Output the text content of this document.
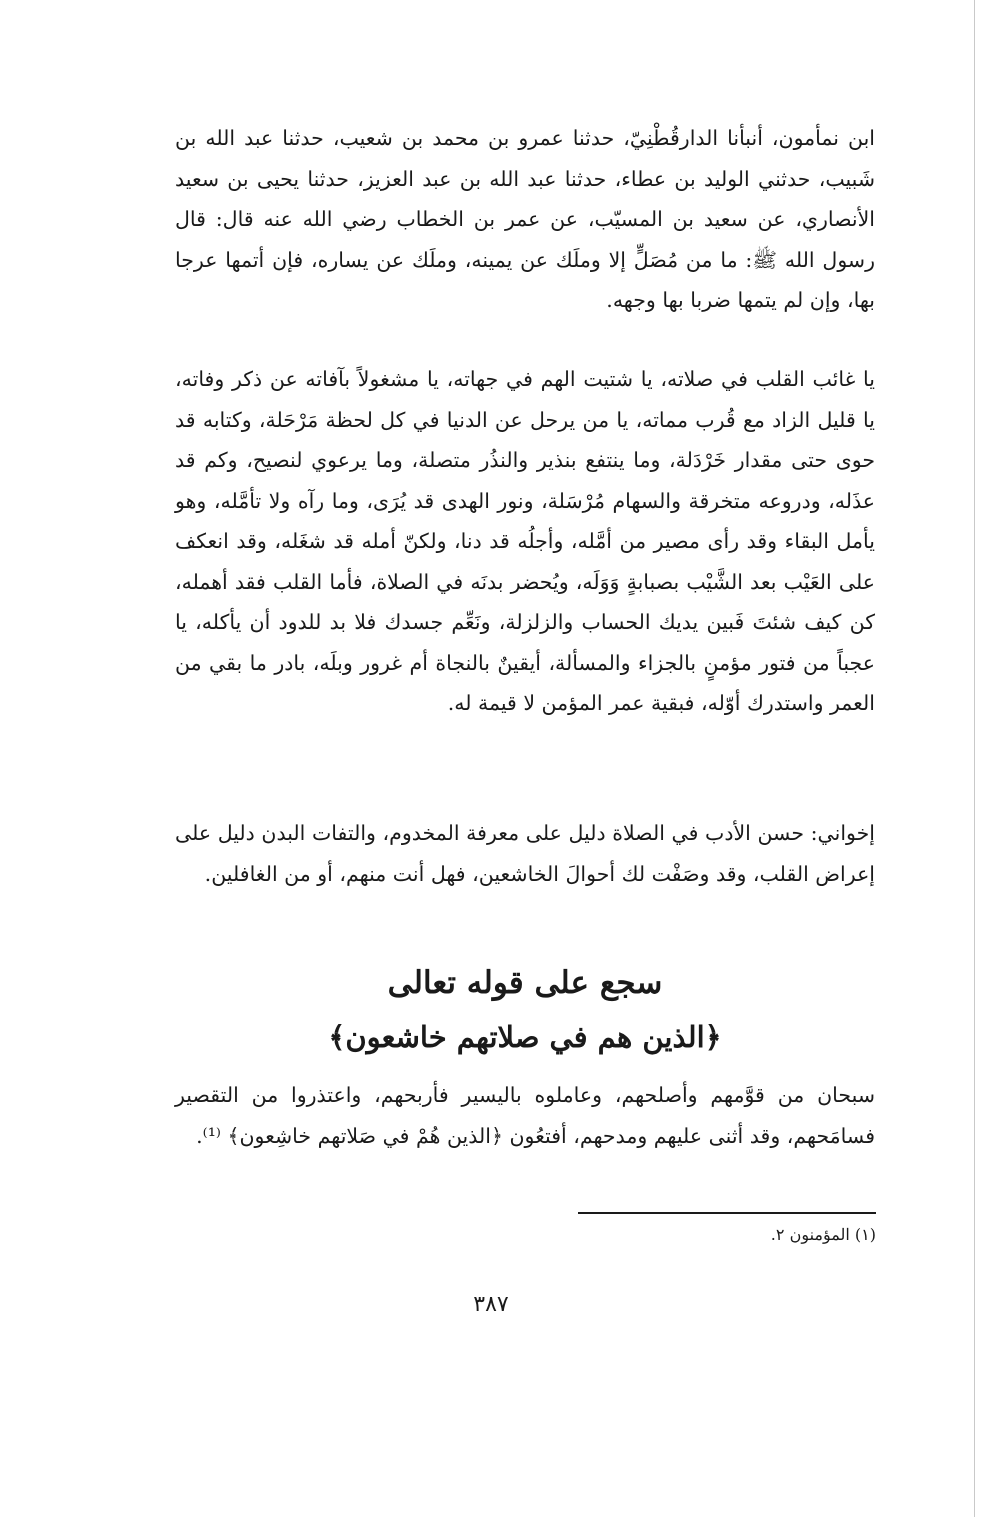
ابن نمأمون، أنبأنا الدارقُطْنِيّ، حدثنا عمرو بن محمد بن شعيب، حدثنا عبد الله بن شَبيب، حدثني الوليد بن عطاء، حدثنا عبد الله بن عبد العزيز، حدثنا يحيى بن سعيد الأنصاري، عن سعيد بن المسيّب، عن عمر بن الخطاب رضي الله عنه قال: قال رسول الله ﷺ: ما من مُصَلٍّ إلا وملَك عن يمينه، وملَك عن يساره، فإن أتمها عرجا بها، وإن لم يتمها ضربا بها وجهه.

يا غائب القلب في صلاته، يا شتيت الهم في جهاته، يا مشغولاً بآفاته عن ذكر وفاته، يا قليل الزاد مع قُرب مماته، يا من يرحل عن الدنيا في كل لحظة مَرْحَلة، وكتابه قد حوى حتى مقدار خَرْدَلة، وما ينتفع بنذير والنذُر متصلة، وما يرعوي لنصيح، وكم قد عذَله، ودروعه متخرقة والسهام مُرْسَلة، ونور الهدى قد يُرَى، وما رآه ولا تأمَّله، وهو يأمل البقاء وقد رأى مصير من أمَّله، وأجلُه قد دنا، ولكنّ أمله قد شغَله، وقد انعكف على العَيْب بعد الشَّيْب بصبابةٍ وَوَلَه، ويُحضر بدنَه في الصلاة، فأما القلب فقد أهمله، كن كيف شئتَ فَبين يديك الحساب والزلزلة، ونَعِّم جسدك فلا بد للدود أن يأكله، يا عجباً من فتور مؤمنٍ بالجزاء والمسألة، أيقينٌ بالنجاة أم غرور وبلَه، بادر ما بقي من العمر واستدرك أوّله، فبقية عمر المؤمن لا قيمة له.

إخواني: حسن الأدب في الصلاة دليل على معرفة المخدوم، والتفات البدن دليل على إعراض القلب، وقد وصَفْت لك أحوالَ الخاشعين، فهل أنت منهم، أو من الغافلين.

سجع على قوله تعالى
﴿الذين هم في صلاتهم خاشعون﴾

سبحان من قوَّمهم وأصلحهم، وعاملوه باليسير فأربحهم، واعتذروا من التقصير فسامَحهم، وقد أثنى عليهم ومدحهم، أفتعُون ﴿الذين هُمْ في صَلاتهم خاشِعون﴾ ⁽¹⁾.

(١) المؤمنون ٢.

٣٨٧
